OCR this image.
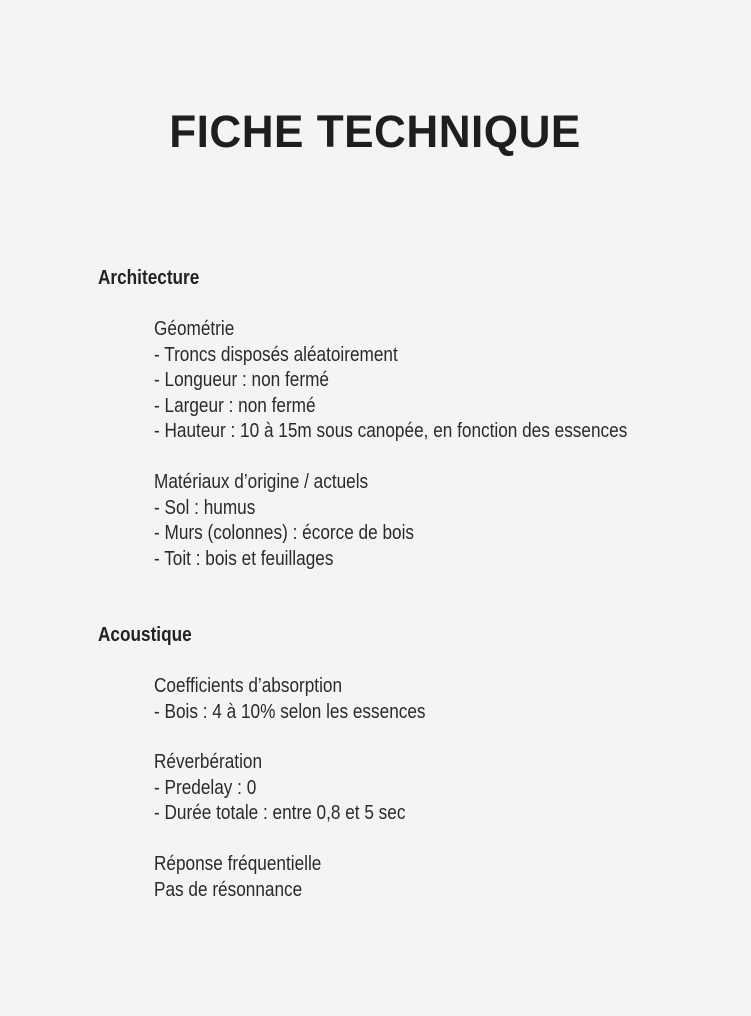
FICHE TECHNIQUE
Architecture
Géométrie
- Troncs disposés aléatoirement
- Longueur : non fermé
- Largeur : non fermé
- Hauteur : 10 à 15m sous canopée, en fonction des essences
Matériaux d’origine / actuels
- Sol : humus
- Murs (colonnes) : écorce de bois
- Toit : bois et feuillages
Acoustique
Coefficients d’absorption
- Bois : 4 à 10% selon les essences
Réverbération
- Predelay : 0
- Durée totale : entre 0,8 et 5 sec
Réponse fréquentielle
Pas de résonnance
